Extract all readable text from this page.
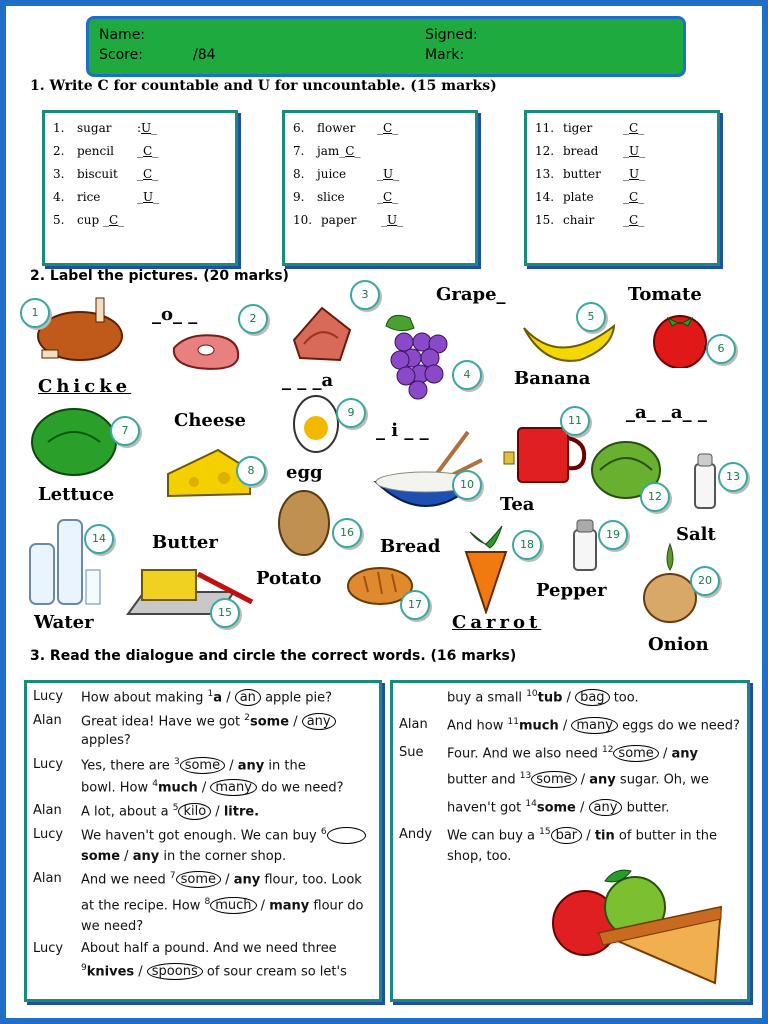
Name:
Score:	/84
Signed:
Mark:
1. Write C for countable and U for uncountable. (15 marks)
1. sugar :U_
2. pencil _C_
3. biscuit _C_
4. rice	_U_
5. cup _C_
6. flower _C_
7. jam_C_
8. juice	_U_
9. slice	_C_
10. paper _U_
11. tiger	_C_
12. bread _U_
13. butter _U_
14. plate _C_
15. chair _C_
2. Label the pictures. (20 marks)
Chicke
_o_ _
Grape_	Tomate
Banana
_ _ _a
Cheese
Lettuce
egg
_ i _ _
Tea
_a_ _a_ _
Butter
Potato
Bread
Salt
Water
Pepper
Carrot
Onion
1	2
3
4
5
6
7
8
9
10
11
12
13
14
15
16
17
18
19
20
3. Read the dialogue and circle the correct words. (16 marks)
Lucy How about making $^1$a / an apple pie?
Alan Great idea! Have we got $^2$some / any
apples?
Lucy Yes, there are $^3$ some / any in the
bowl. How $^4$much / many do we need?
Alan A lot, about a $^5$ kilo / litre.
Lucy We haven't got enough. We can buy $^6$
some / any in the corner shop.
Alan And we need $^7$ some / any flour, too. Look
at the recipe. How $^8$ much / many flour do
we need?
Lucy About half a pound. And we need three
$^9$knives / spoons of sour cream so let's
buy a small $^{10}$tub / bag too.
Alan And how $^{11}$much / many eggs do we need?
Sue Four. And we also need $^{12}$ some / any
butter and $^{13}$ some / any sugar. Oh, we
haven't got $^{14}$some / any butter.
Andy We can buy a $^{15}$ bar / tin of butter in the
shop, too.
